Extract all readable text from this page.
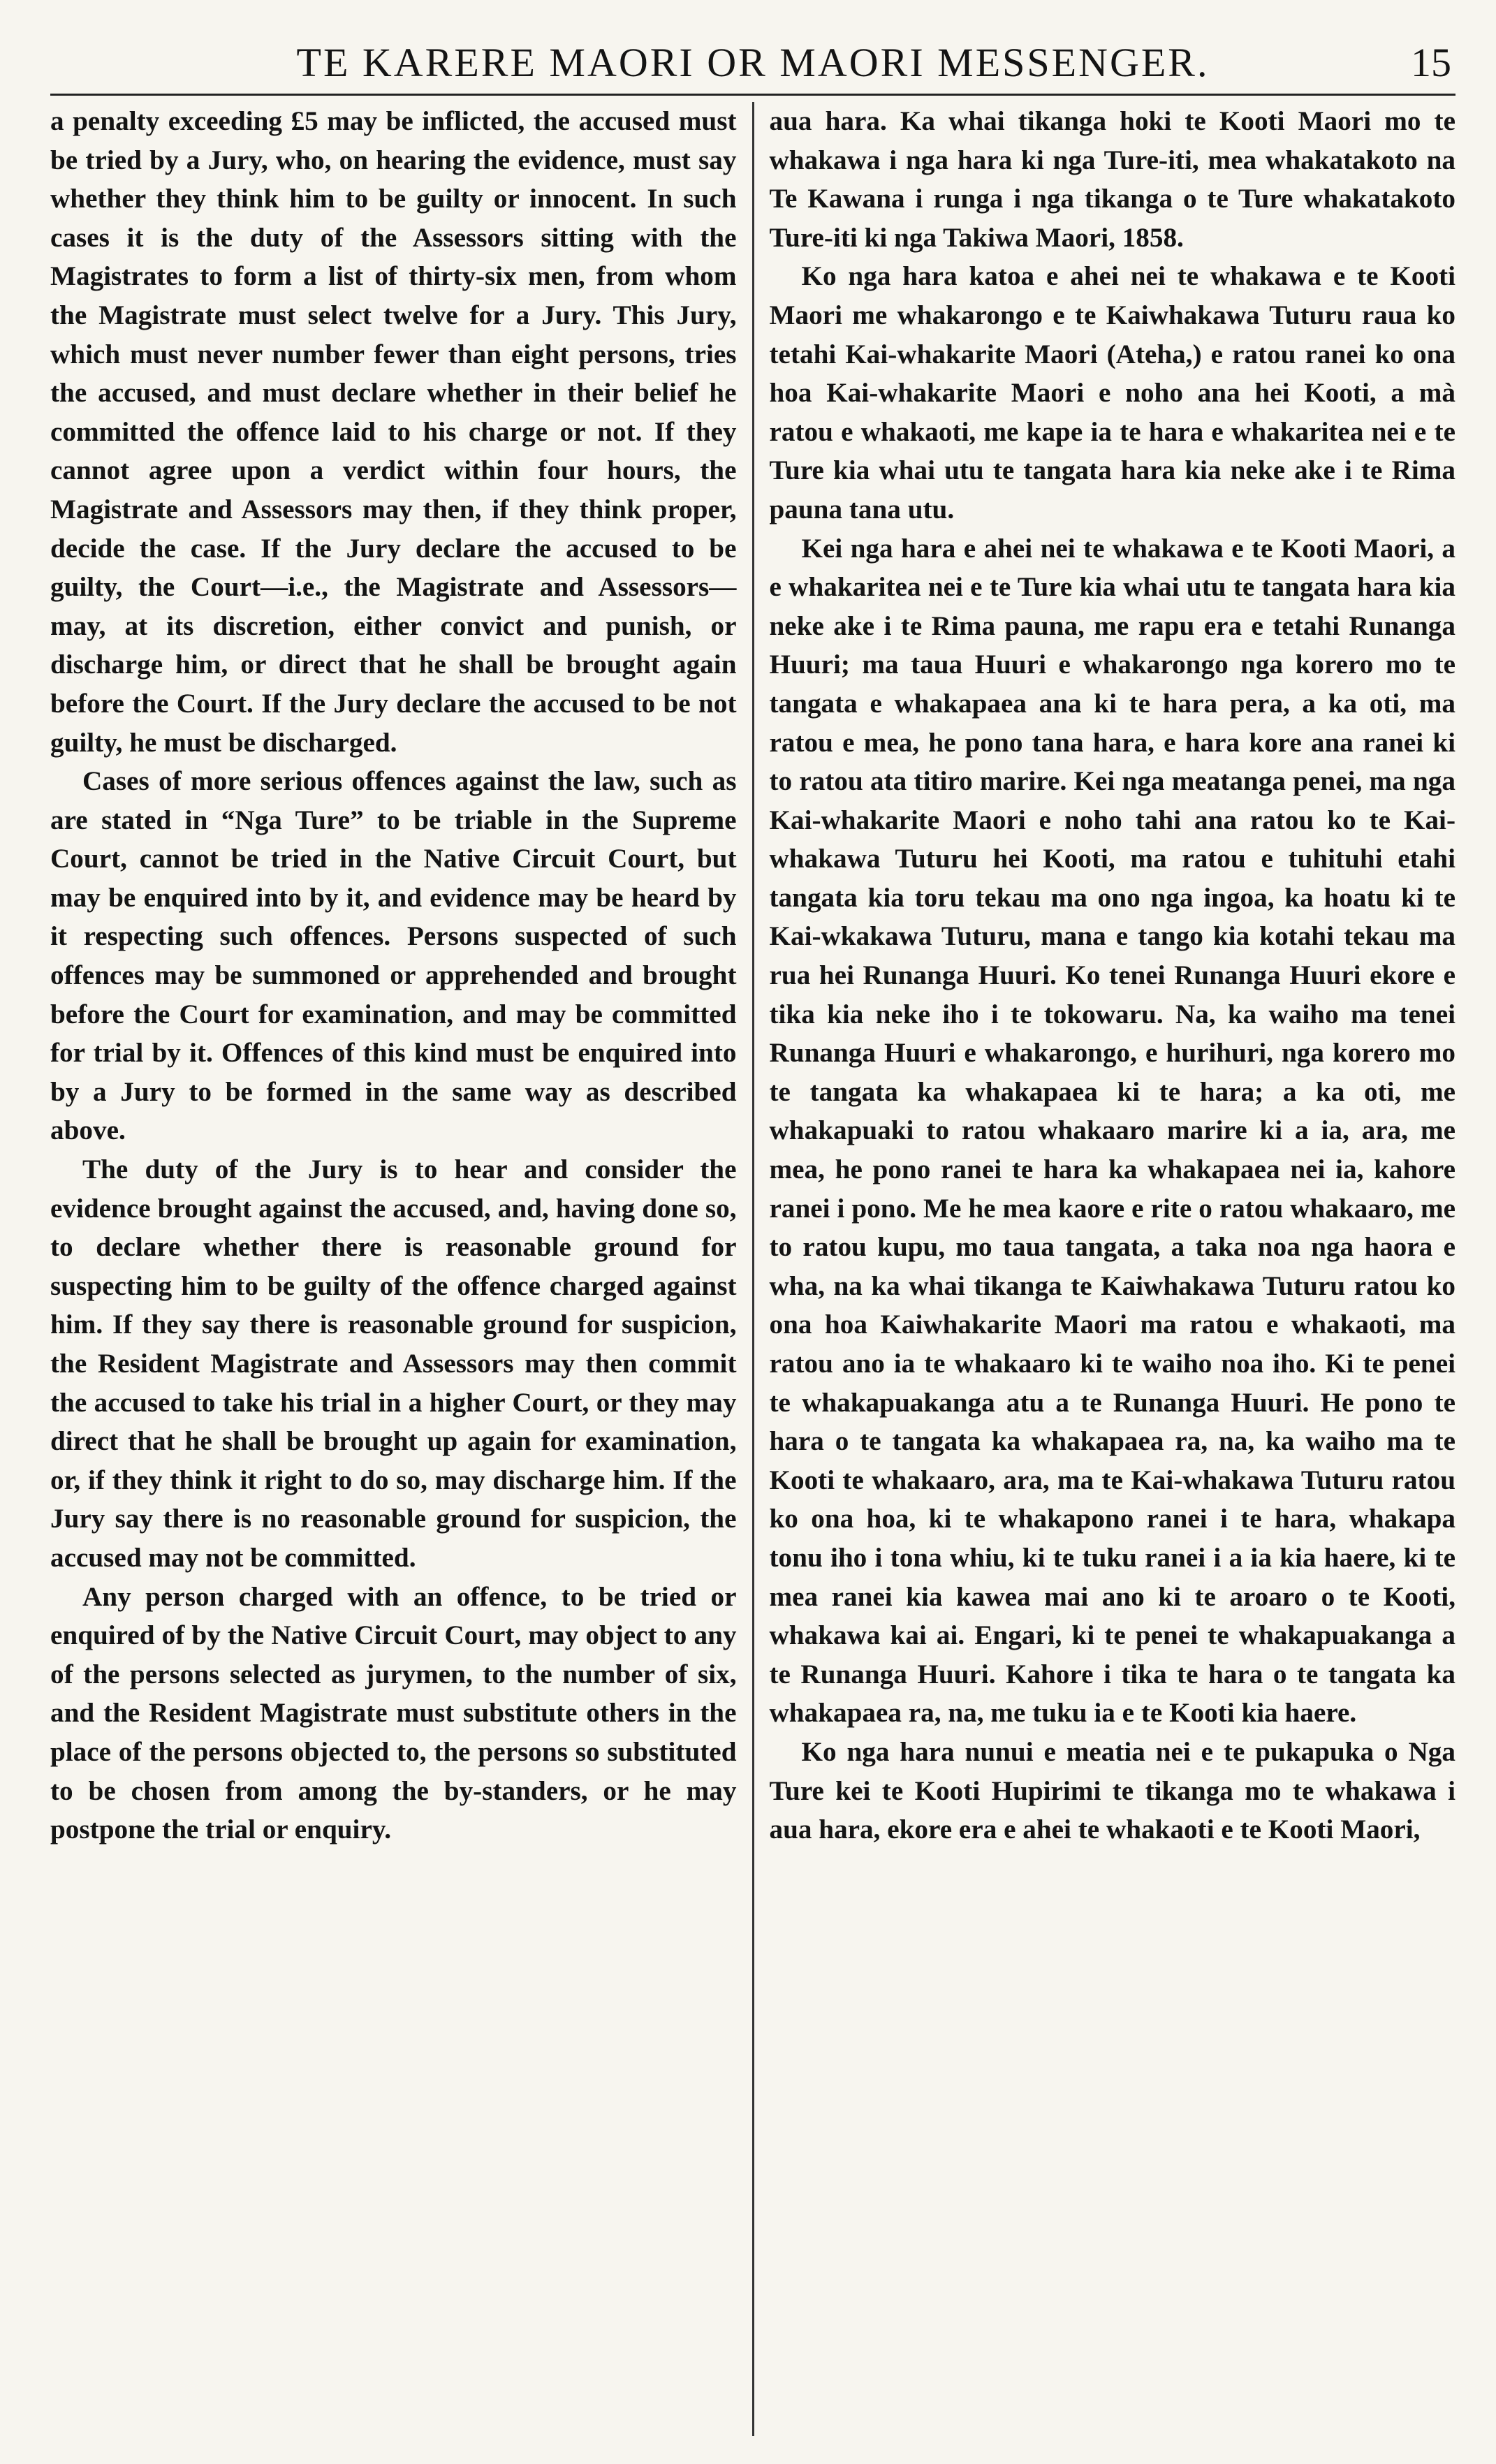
TE KARERE MAORI OR MAORI MESSENGER.	15

a penalty exceeding £5 may be inflicted, the accused must be tried by a Jury, who, on hearing the evidence, must say whether they think him to be guilty or innocent. In such cases it is the duty of the Assessors sitting with the Magistrates to form a list of thirty-six men, from whom the Magistrate must select twelve for a Jury. This Jury, which must never number fewer than eight persons, tries the accused, and must declare whether in their belief he committed the offence laid to his charge or not. If they cannot agree upon a verdict within four hours, the Magistrate and Assessors may then, if they think proper, decide the case. If the Jury declare the accused to be guilty, the Court—i.e., the Magistrate and Assessors—may, at its discretion, either convict and punish, or discharge him, or direct that he shall be brought again before the Court. If the Jury declare the accused to be not guilty, he must be discharged.

Cases of more serious offences against the law, such as are stated in “Nga Ture” to be triable in the Supreme Court, cannot be tried in the Native Circuit Court, but may be enquired into by it, and evidence may be heard by it respecting such offences. Persons suspected of such offences may be summoned or apprehended and brought before the Court for examination, and may be committed for trial by it. Offences of this kind must be enquired into by a Jury to be formed in the same way as described above.

The duty of the Jury is to hear and consider the evidence brought against the accused, and, having done so, to declare whether there is reasonable ground for suspecting him to be guilty of the offence charged against him. If they say there is reasonable ground for suspicion, the Resident Magistrate and Assessors may then commit the accused to take his trial in a higher Court, or they may direct that he shall be brought up again for examination, or, if they think it right to do so, may discharge him. If the Jury say there is no reasonable ground for suspicion, the accused may not be committed.

Any person charged with an offence, to be tried or enquired of by the Native Circuit Court, may object to any of the persons selected as jurymen, to the number of six, and the Resident Magistrate must substitute others in the place of the persons objected to, the persons so substituted to be chosen from among the by-standers, or he may postpone the trial or enquiry.

aua hara. Ka whai tikanga hoki te Kooti Maori mo te whakawa i nga hara ki nga Ture-iti, mea whakatakoto na Te Kawana i runga i nga tikanga o te Ture whakatakoto Ture-iti ki nga Takiwa Maori, 1858.

Ko nga hara katoa e ahei nei te whakawa e te Kooti Maori me whakarongo e te Kaiwhakawa Tuturu raua ko tetahi Kai-whakarite Maori (Ateha,) e ratou ranei ko ona hoa Kai-whakarite Maori e noho ana hei Kooti, a mà ratou e whakaoti, me kape ia te hara e whakaritea nei e te Ture kia whai utu te tangata hara kia neke ake i te Rima pauna tana utu.

Kei nga hara e ahei nei te whakawa e te Kooti Maori, a e whakaritea nei e te Ture kia whai utu te tangata hara kia neke ake i te Rima pauna, me rapu era e tetahi Runanga Huuri; ma taua Huuri e whakarongo nga korero mo te tangata e whakapaea ana ki te hara pera, a ka oti, ma ratou e mea, he pono tana hara, e hara kore ana ranei ki to ratou ata titiro marire. Kei nga meatanga penei, ma nga Kai-whakarite Maori e noho tahi ana ratou ko te Kai-whakawa Tuturu hei Kooti, ma ratou e tuhituhi etahi tangata kia toru tekau ma ono nga ingoa, ka hoatu ki te Kai-wkakawa Tuturu, mana e tango kia kotahi tekau ma rua hei Runanga Huuri. Ko tenei Runanga Huuri ekore e tika kia neke iho i te tokowaru. Na, ka waiho ma tenei Runanga Huuri e whakarongo, e hurihuri, nga korero mo te tangata ka whakapaea ki te hara; a ka oti, me whakapuaki to ratou whakaaro marire ki a ia, ara, me mea, he pono ranei te hara ka whakapaea nei ia, kahore ranei i pono. Me he mea kaore e rite o ratou whakaaro, me to ratou kupu, mo taua tangata, a taka noa nga haora e wha, na ka whai tikanga te Kaiwhakawa Tuturu ratou ko ona hoa Kaiwhakarite Maori ma ratou e whakaoti, ma ratou ano ia te whakaaro ki te waiho noa iho. Ki te penei te whakapuakanga atu a te Runanga Huuri. He pono te hara o te tangata ka whakapaea ra, na, ka waiho ma te Kooti te whakaaro, ara, ma te Kai-whakawa Tuturu ratou ko ona hoa, ki te whakapono ranei i te hara, whakapa tonu iho i tona whiu, ki te tuku ranei i a ia kia haere, ki te mea ranei kia kawea mai ano ki te aroaro o te Kooti, whakawa kai ai. Engari, ki te penei te whakapuakanga a te Runanga Huuri. Kahore i tika te hara o te tangata ka whakapaea ra, na, me tuku ia e te Kooti kia haere.

Ko nga hara nunui e meatia nei e te pukapuka o Nga Ture kei te Kooti Hupirimi te tikanga mo te whakawa i aua hara, ekore era e ahei te whakaoti e te Kooti Maori,
